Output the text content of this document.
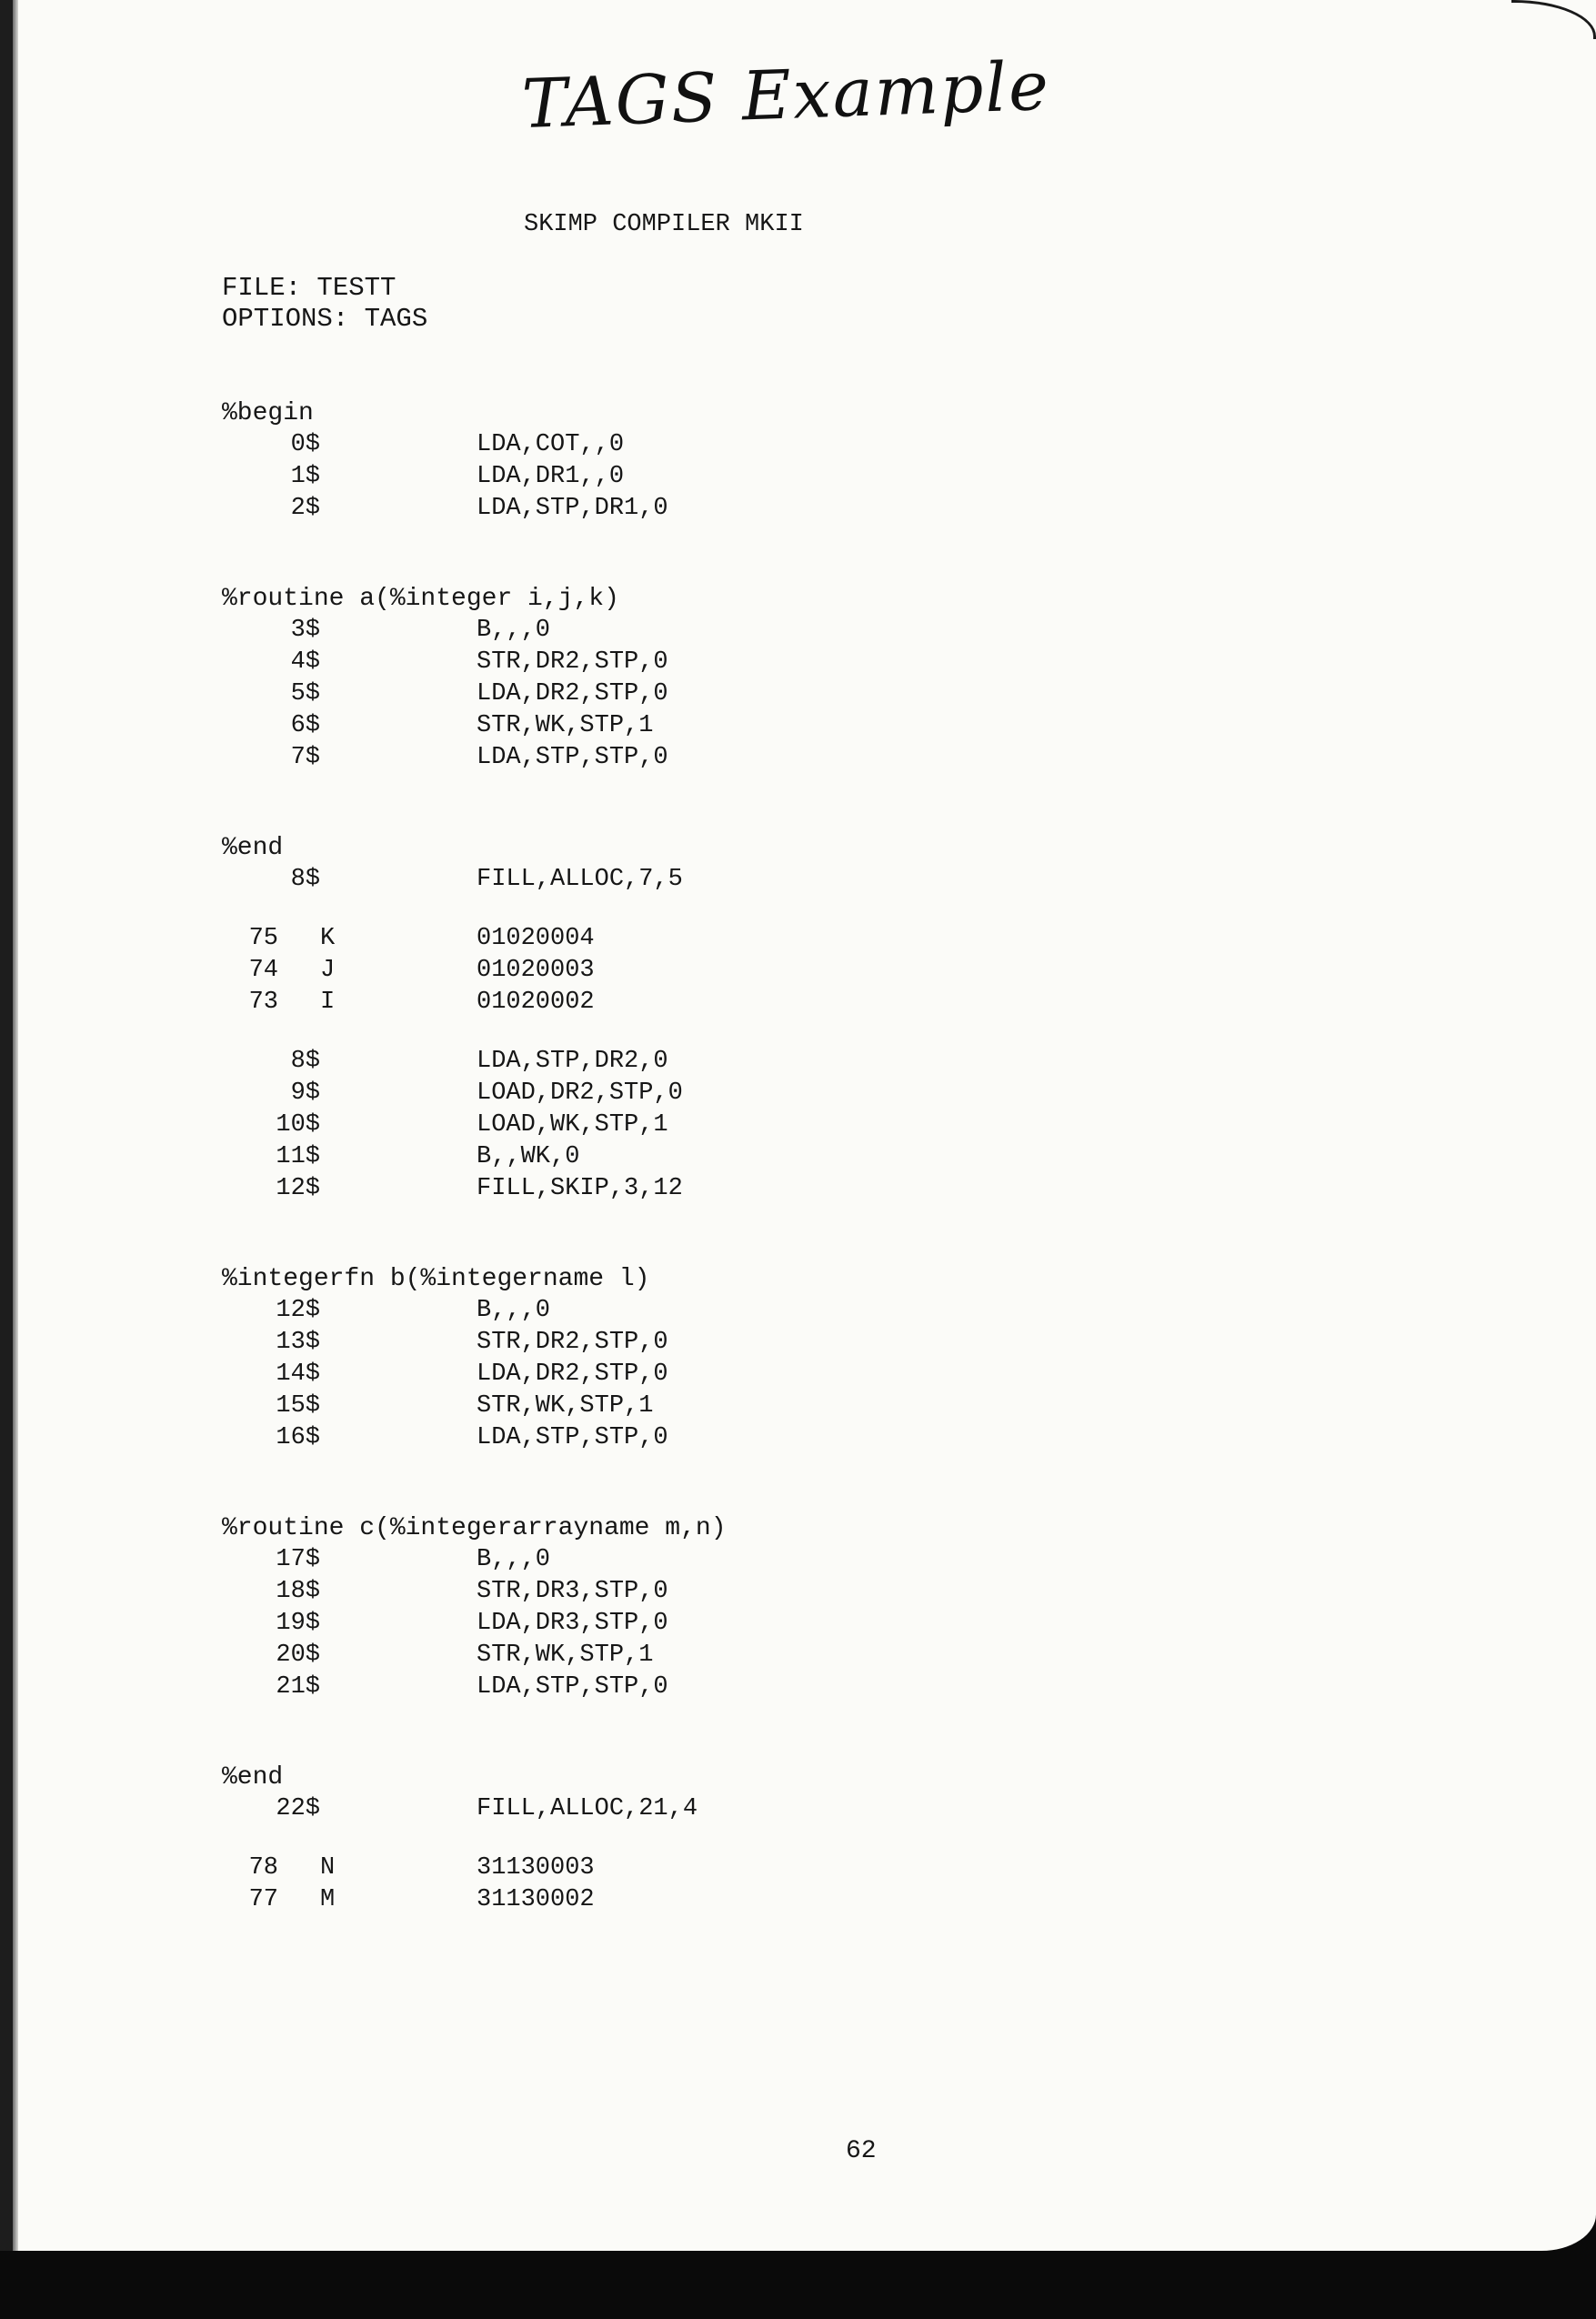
TAGS Example
SKIMP COMPILER MKII
FILE: TESTT
OPTIONS: TAGS
%begin
0$	LDA,COT,,0
1$	LDA,DR1,,0
2$	LDA,STP,DR1,0
%routine a(%integer i,j,k)
3$	B,,,0
4$	STR,DR2,STP,0
5$	LDA,DR2,STP,0
6$	STR,WK,STP,1
7$	LDA,STP,STP,0
%end
8$	FILL,ALLOC,7,5
75 K	01020004
74 J	01020003
73 I	01020002
8$	LDA,STP,DR2,0
9$	LOAD,DR2,STP,0
10$	LOAD,WK,STP,1
11$	B,,WK,0
12$	FILL,SKIP,3,12
%integerfn b(%integername l)
12$	B,,,0
13$	STR,DR2,STP,0
14$	LDA,DR2,STP,0
15$	STR,WK,STP,1
16$	LDA,STP,STP,0
%routine c(%integerarrayname m,n)
17$	B,,,0
18$	STR,DR3,STP,0
19$	LDA,DR3,STP,0
20$	STR,WK,STP,1
21$	LDA,STP,STP,0
%end
22$	FILL,ALLOC,21,4
78 N	31130003
77 M	31130002
62
